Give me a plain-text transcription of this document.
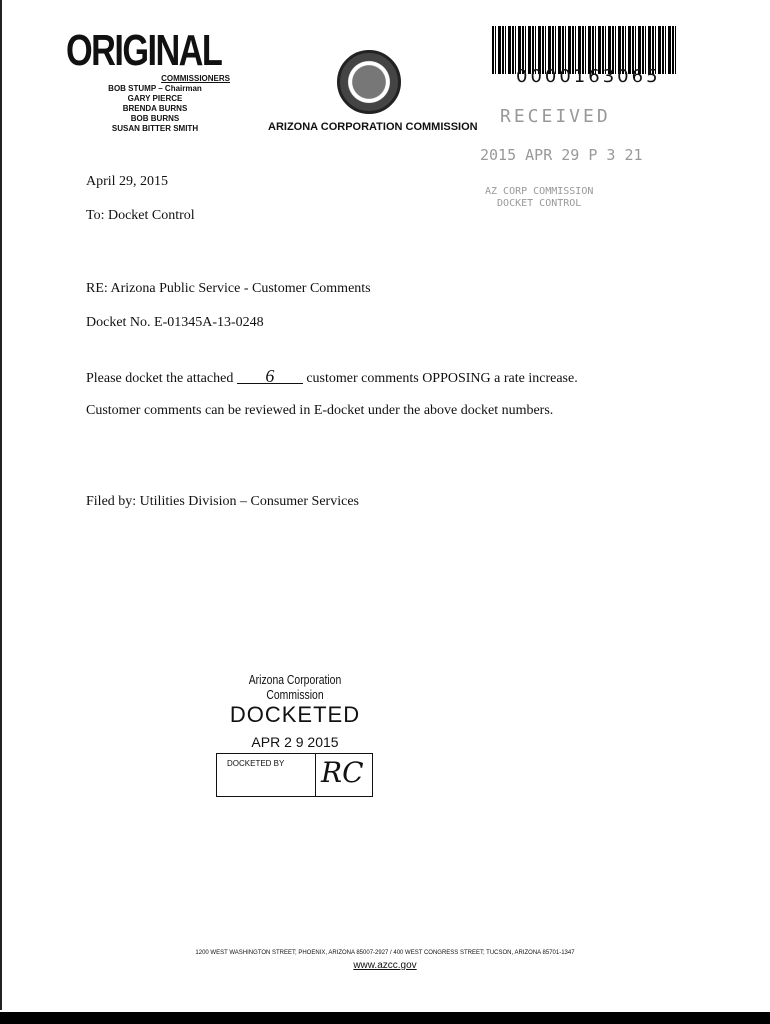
ORIGINAL
COMMISSIONERS
BOB STUMP – Chairman
GARY PIERCE
BRENDA BURNS
BOB BURNS
SUSAN BITTER SMITH	ARIZONA CORPORATION COMMISSION
0000163065
RECEIVED
2015 APR 29 P 3 21
AZ CORP COMMISSION
DOCKET CONTROL
April 29, 2015
To: Docket Control
RE: Arizona Public Service - Customer Comments
Docket No. E-01345A-13-0248
Please docket the attached 6 customer comments OPPOSING a rate increase.
Customer comments can be reviewed in E-docket under the above docket numbers.
Filed by: Utilities Division – Consumer Services
Arizona Corporation Commission
DOCKETED
APR 2 9 2015
DOCKETED BY RC
1200 WEST WASHINGTON STREET; PHOENIX, ARIZONA 85007-2927 / 400 WEST CONGRESS STREET; TUCSON, ARIZONA 85701-1347
www.azcc.gov
